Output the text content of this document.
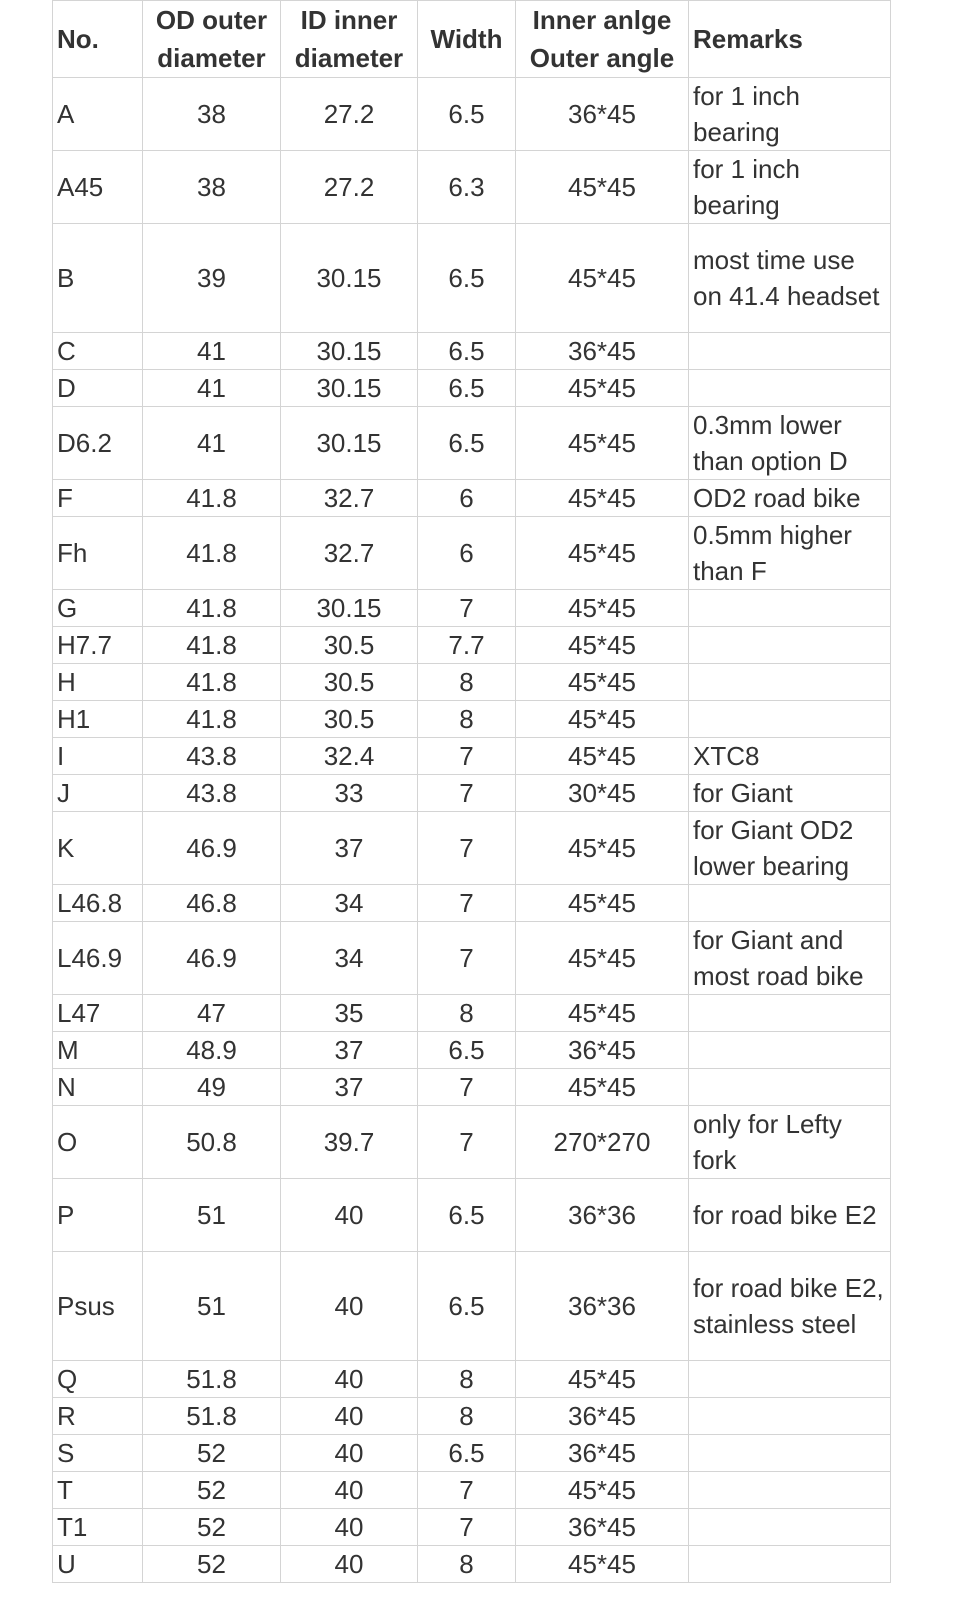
No.	OD outer diameter	ID inner diameter	Width	Inner anlge Outer angle	Remarks
A	38	27.2	6.5	36*45	for 1 inch bearing
A45	38	27.2	6.3	45*45	for 1 inch bearing
B	39	30.15	6.5	45*45	most time use on 41.4 headset
C	41	30.15	6.5	36*45	
D	41	30.15	6.5	45*45	
D6.2	41	30.15	6.5	45*45	0.3mm lower than option D
F	41.8	32.7	6	45*45	OD2 road bike
Fh	41.8	32.7	6	45*45	0.5mm higher than F
G	41.8	30.15	7	45*45	
H7.7	41.8	30.5	7.7	45*45	
H	41.8	30.5	8	45*45	
H1	41.8	30.5	8	45*45	
I	43.8	32.4	7	45*45	XTC8
J	43.8	33	7	30*45	for Giant
K	46.9	37	7	45*45	for Giant OD2 lower bearing
L46.8	46.8	34	7	45*45	
L46.9	46.9	34	7	45*45	for Giant and most road bike
L47	47	35	8	45*45	
M	48.9	37	6.5	36*45	
N	49	37	7	45*45	
O	50.8	39.7	7	270*270	only for Lefty fork
P	51	40	6.5	36*36	for road bike E2
Psus	51	40	6.5	36*36	for road bike E2, stainless steel
Q	51.8	40	8	45*45	
R	51.8	40	8	36*45	
S	52	40	6.5	36*45	
T	52	40	7	45*45	
T1	52	40	7	36*45	
U	52	40	8	45*45	
